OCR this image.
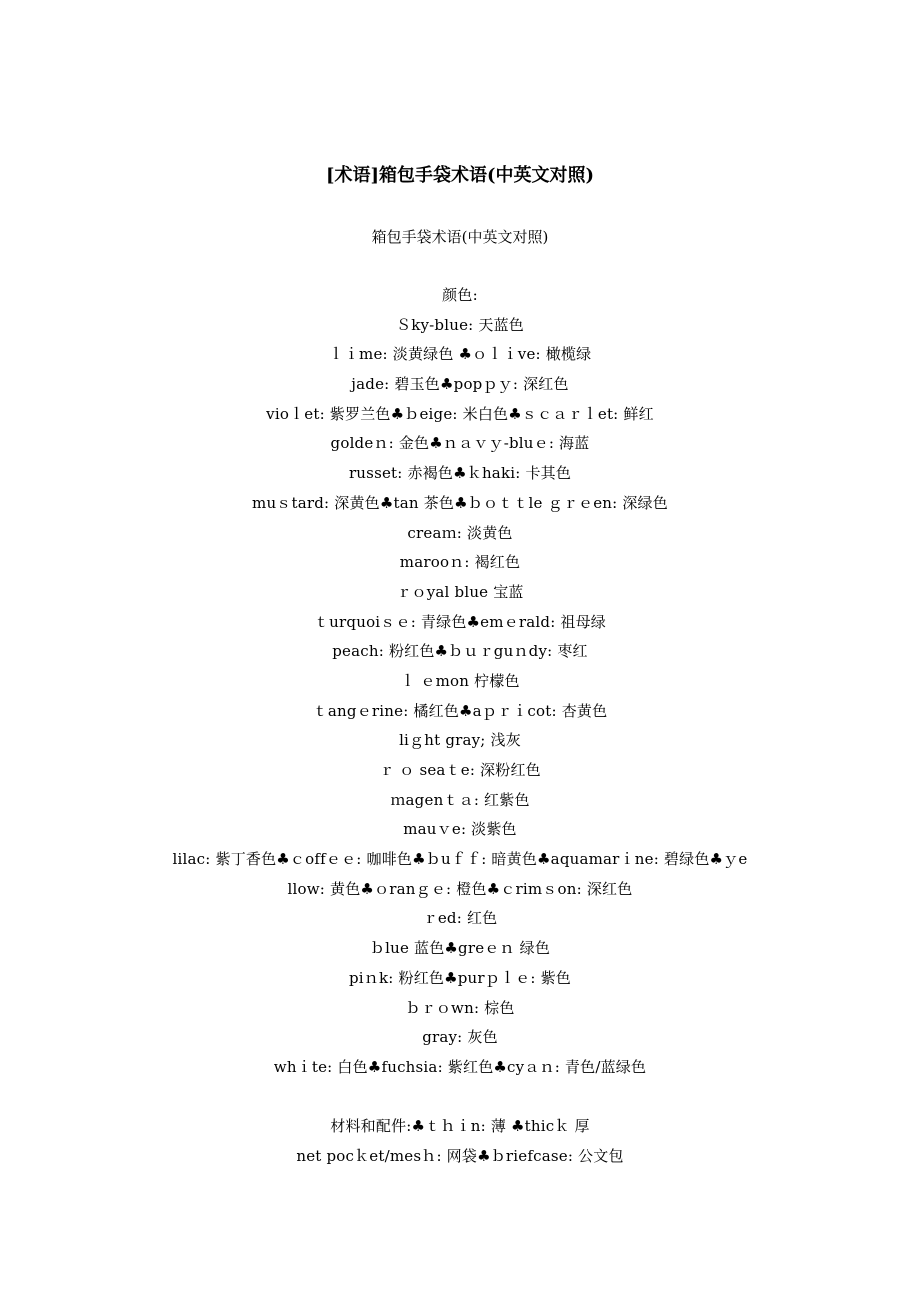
[术语]箱包手袋术语(中英文对照)
箱包手袋术语(中英文对照)
颜色:
Ｓky-blue: 天蓝色
ｌｉme: 淡黄绿色 ♣ｏｌｉve: 橄榄绿
jade: 碧玉色♣popｐｙ: 深红色
vioｌet: 紫罗兰色♣ｂeige: 米白色♣ｓｃａｒｌet: 鲜红
goldeｎ: 金色♣ｎａｖｙ-bluｅ: 海蓝
russet: 赤褐色♣ｋhaki: 卡其色
muｓtard: 深黄色♣tan 茶色♣ｂｏｔｔle ｇｒｅen: 深绿色
creaｍ: 淡黄色
marooｎ: 褐红色
ｒｏyal blue 宝蓝
ｔurquoiｓｅ: 青绿色♣emｅrald: 祖母绿
peach: 粉红色♣ｂｕｒguｎdy: 枣红
ｌ ｅmon 柠檬色
ｔangｅrine: 橘红色♣aｐｒｉcot: 杏黄色
liｇht gray; 浅灰
ｒ ｏ seaｔe: 深粉红色
ｍagenｔａ: 红紫色
mauｖe: 淡紫色
lilac: 紫丁香色♣ｃoffｅｅ: 咖啡色♣ｂuｆｆ: 暗黄色♣aquamarｉne: 碧绿色♣ｙe
llow: 黄色♣ｏranｇｅ: 橙色♣ｃrimｓon: 深红色
ｒed: 红色
ｂlue 蓝色♣greｅｎ 绿色
piｎk: 粉红色♣purｐｌｅ: 紫色
ｂｒｏwn: 棕色
gray: 灰色
whｉte: 白色♣fuchsia: 紫红色♣cyａｎ: 青色/蓝绿色
材料和配件:♣ｔｈｉn: 薄 ♣thicｋ 厚
net pocｋet/mesｈ: 网袋♣ｂriefcase: 公文包
